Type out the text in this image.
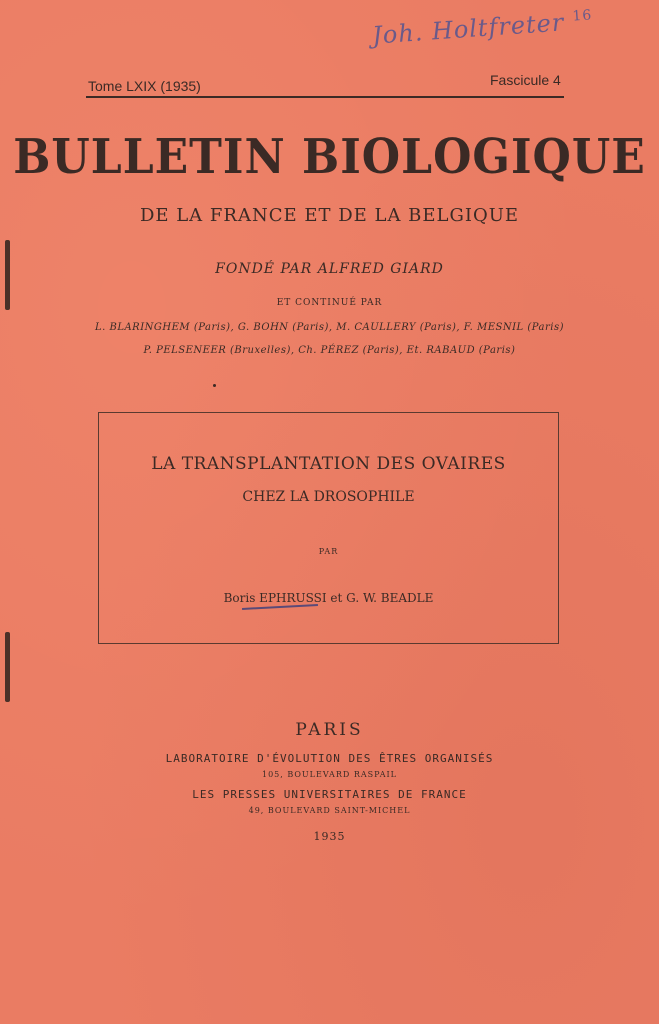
Joh. Holtfreter $^{16}$
Tome LXIX (1935)	Fascicule 4
BULLETIN BIOLOGIQUE
DE LA FRANCE ET DE LA BELGIQUE
FONDÉ PAR ALFRED GIARD
ET CONTINUÉ PAR
L. BLARINGHEM (Paris), G. BOHN (Paris), M. CAULLERY (Paris), F. MESNIL (Paris)
P. PELSENEER (Bruxelles), Ch. PÉREZ (Paris), Et. RABAUD (Paris)
LA TRANSPLANTATION DES OVAIRES
CHEZ LA DROSOPHILE
PAR
Boris EPHRUSSI et G. W. BEADLE
PARIS
LABORATOIRE D'ÉVOLUTION DES ÊTRES ORGANISÉS
105, BOULEVARD RASPAIL
LES PRESSES UNIVERSITAIRES DE FRANCE
49, BOULEVARD SAINT-MICHEL
1935
